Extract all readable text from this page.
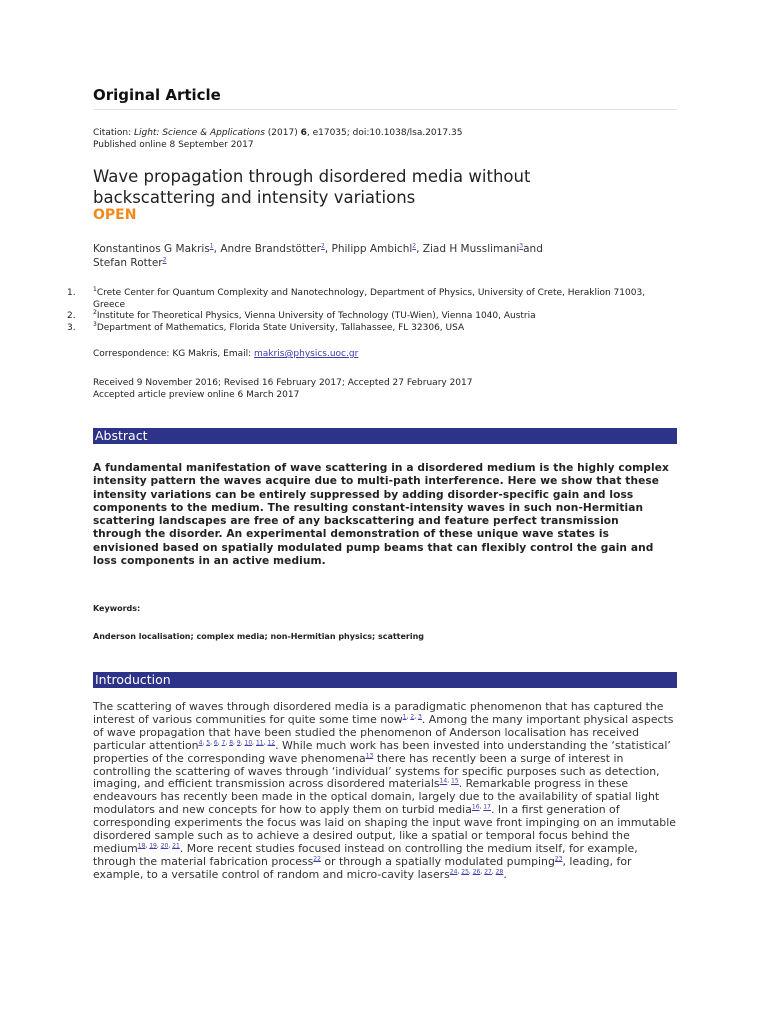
Original Article
Citation: Light: Science & Applications (2017) 6, e17035; doi:10.1038/lsa.2017.35
Published online 8 September 2017
Wave propagation through disordered media without backscattering and intensity variations
OPEN
Konstantinos G Makris$^1$, Andre Brandstötter$^2$, Philipp Ambichl$^2$, Ziad H Musslimani$^3$and
Stefan Rotter$^2$
1.	$^1$Crete Center for Quantum Complexity and Nanotechnology, Department of Physics, University of Crete, Heraklion 71003, Greece
2.	$^2$Institute for Theoretical Physics, Vienna University of Technology (TU-Wien), Vienna 1040, Austria
3.	$^3$Department of Mathematics, Florida State University, Tallahassee, FL 32306, USA
Correspondence: KG Makris, Email: makris@physics.uoc.gr
Received 9 November 2016; Revised 16 February 2017; Accepted 27 February 2017
Accepted article preview online 6 March 2017
Abstract
A fundamental manifestation of wave scattering in a disordered medium is the highly complex intensity pattern the waves acquire due to multi-path interference. Here we show that these intensity variations can be entirely suppressed by adding disorder-specific gain and loss components to the medium. The resulting constant-intensity waves in such non-Hermitian scattering landscapes are free of any backscattering and feature perfect transmission through the disorder. An experimental demonstration of these unique wave states is envisioned based on spatially modulated pump beams that can flexibly control the gain and loss components in an active medium.
Keywords:
Anderson localisation; complex media; non-Hermitian physics; scattering
Introduction
The scattering of waves through disordered media is a paradigmatic phenomenon that has captured the interest of various communities for quite some time now$^{1,}$ $^{2,}$ $^3$. Among the many important physical aspects of wave propagation that have been studied the phenomenon of Anderson localisation has received particular attention$^{4,}$ $^{5,}$ $^{6,}$ $^{7,}$ $^{8,}$ $^{9,}$ $^{10,}$ $^{11,}$ $^{12}$. While much work has been invested into understanding the ‘statistical’ properties of the corresponding wave phenomena$^{13}$ there has recently been a surge of interest in controlling the scattering of waves through ‘individual’ systems for specific purposes such as detection, imaging, and efficient transmission across disordered materials$^{14,}$ $^{15}$. Remarkable progress in these endeavours has recently been made in the optical domain, largely due to the availability of spatial light modulators and new concepts for how to apply them on turbid media$^{16,}$ $^{17}$. In a first generation of corresponding experiments the focus was laid on shaping the input wave front impinging on an immutable disordered sample such as to achieve a desired output, like a spatial or temporal focus behind the medium$^{18,}$ $^{19,}$ $^{20,}$ $^{21}$. More recent studies focused instead on controlling the medium itself, for example, through the material fabrication process$^{22}$ or through a spatially modulated pumping$^{23}$, leading, for example, to a versatile control of random and micro-cavity lasers$^{24,}$ $^{25,}$ $^{26,}$ $^{27,}$ $^{28}$.
